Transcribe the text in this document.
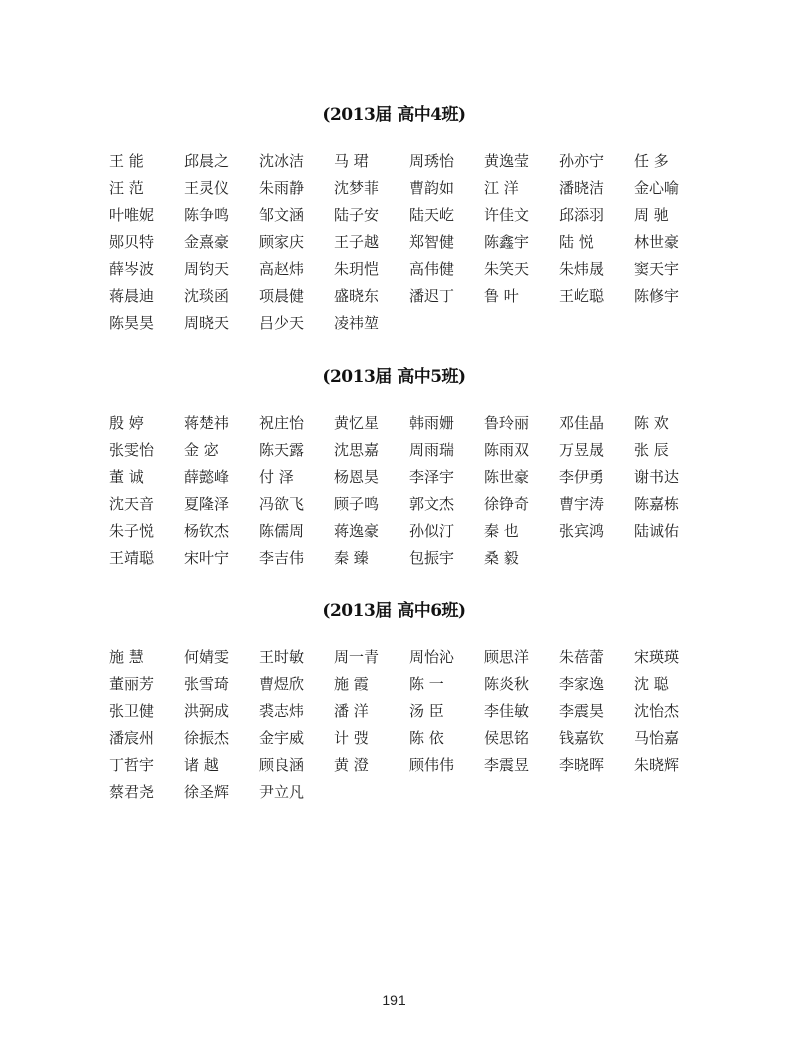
(2013届 高中4班)
王 能	邱晨之 沈冰洁 马 珺	周琇怡 黄逸莹 孙亦宁 任 多
汪 范	王灵仪 朱雨静 沈梦菲 曹韵如 江 洋	潘晓洁 金心喻
叶唯妮 陈争鸣 邹文涵 陆子安 陆天屹 许佳文 邱添羽 周 驰
郧贝特 金熹豪 顾家庆 王子越 郑智健 陈鑫宇 陆 悦	林世豪
薛岑波 周钧天 高赵炜 朱玥恺 高伟健 朱笑天 朱炜晟 窦天宇
蒋晨迪 沈琰函 项晨健 盛晓东 潘迟丁 鲁 叶	王屹聪 陈修宇
陈昊昊 周晓天 吕少天 凌祎堃
(2013届 高中5班)
殷 婷	蒋楚祎 祝庄怡 黄忆星 韩雨姗 鲁玲丽 邓佳晶 陈 欢
张雯怡 金 宓	陈天露 沈思嘉 周雨瑞 陈雨双 万昱晟 张 辰
董 诚	薛懿峰 付 泽	杨恩昊 李泽宇 陈世豪 李伊勇 谢书达
沈天音 夏隆泽 冯欲飞 顾子鸣 郭文杰 徐铮奇 曹宇涛 陈嘉栋
朱子悦 杨钦杰 陈儒周 蒋逸豪 孙似汀 秦 也	张宾鸿 陆诚佑
王靖聪 宋叶宁 李吉伟 秦 臻	包振宇 桑 毅
(2013届 高中6班)
施 慧	何婧雯 王时敏 周一青 周怡沁 顾思洋 朱蓓蕾 宋瑛瑛
董丽芳 张雪琦 曹煜欣 施 霞	陈 一	陈炎秋 李家逸 沈 聪
张卫健 洪弼成 裘志炜 潘 洋	汤 臣	李佳敏 李震昊 沈怡杰
潘宸州 徐振杰 金宇威 计 弢	陈 依	侯思铭 钱嘉钦 马怡嘉
丁哲宇 诸 越	顾良涵 黄 澄	顾伟伟 李震昱 李晓晖 朱晓辉
蔡君尧 徐圣辉 尹立凡
191
